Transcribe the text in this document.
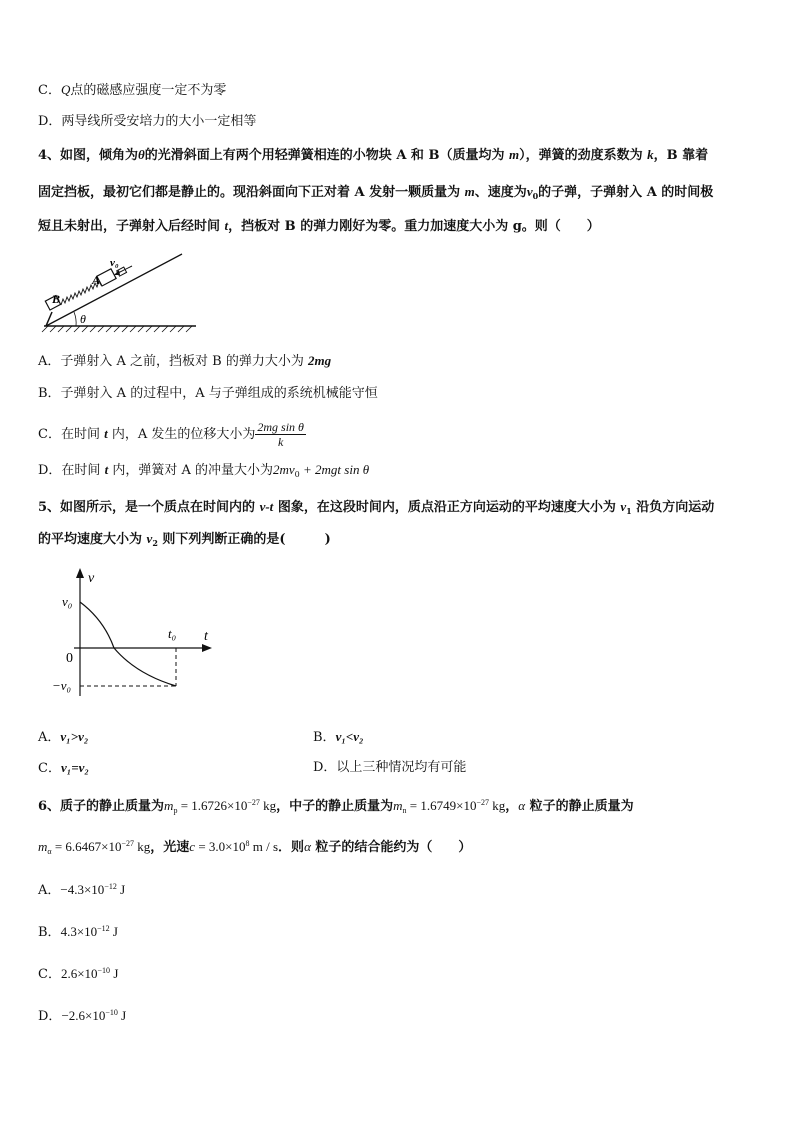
C．Q点的磁感应强度一定不为零
D．两导线所受安培力的大小一定相等
4、如图，倾角为θ的光滑斜面上有两个用轻弹簧相连的小物块 A 和 B（质量均为 m），弹簧的劲度系数为 k，B 靠着
固定挡板，最初它们都是静止的。现沿斜面向下正对着 A 发射一颗质量为 m、速度为$v_0$的子弹，子弹射入 A 的时间极
短且未射出，子弹射入后经时间 t，挡板对 B 的弹力刚好为零。重力加速度大小为 g。则（　　）
v₀
A
B
θ
A．子弹射入 A 之前，挡板对 B 的弹力大小为 2mg
B．子弹射入 A 的过程中，A 与子弹组成的系统机械能守恒
C．在时间 t 内，A 发生的位移大小为 $\frac{\text{2mg sin θ}}{k}$
D．在时间 t 内，弹簧对 A 的冲量大小为$2mv_0 + 2mgt$ sin θ
5、如图所示，是一个质点在时间内的 v-t 图象，在这段时间内，质点沿正方向运动的平均速度大小为 $v_1$ 沿负方向运动
的平均速度大小为 $v_2$ 则下列判断正确的是(　　　)
v
t
v₀
t₀
0
−v₀
A．v₁>v₂	B．v₁<v₂
C．v₁=v₂	D．以上三种情况均有可能
6、质子的静止质量为$m_p = 1.6726\times 10^{-27}$ kg，中子的静止质量为$m_n = 1.6749\times 10^{-27}$ kg，α 粒子的静止质量为
$m_\alpha = 6.6467\times 10^{-27}$ kg，光速$c = 3.0\times 10^8$ m / s．则α 粒子的结合能约为（　　）
A．$-4.3\times 10^{-12}$ J
B．$4.3\times 10^{-12}$ J
C．$2.6\times 10^{-10}$ J
D．$-2.6\times 10^{-10}$ J
